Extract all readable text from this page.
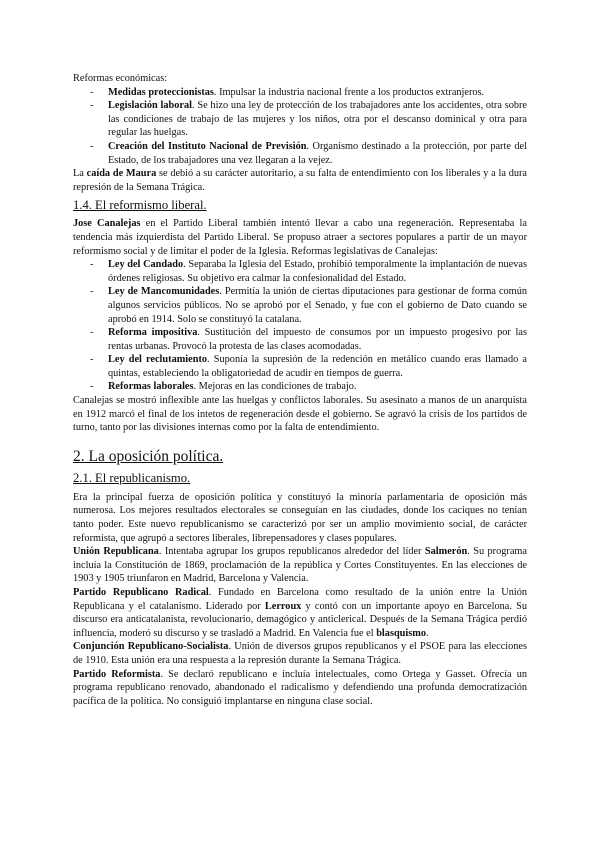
Reformas económicas:

- Medidas proteccionistas. Impulsar la industria nacional frente a los productos extranjeros.
- Legislación laboral. Se hizo una ley de protección de los trabajadores ante los accidentes, otra sobre las condiciones de trabajo de las mujeres y los niños, otra por el descanso dominical y otra para regular las huelgas.
- Creación del Instituto Nacional de Previsión. Organismo destinado a la protección, por parte del Estado, de los trabajadores una vez llegaran a la vejez.

La caída de Maura se debió a su carácter autoritario, a su falta de entendimiento con los liberales y a la dura represión de la Semana Trágica.

1.4. El reformismo liberal.

Jose Canalejas en el Partido Liberal también intentó llevar a cabo una regeneración. Representaba la tendencia más izquierdista del Partido Liberal. Se propuso atraer a sectores populares a partir de un mayor reformismo social y de limitar el poder de la Iglesia. Reformas legislativas de Canalejas:

- Ley del Candado. Separaba la Iglesia del Estado, prohibió temporalmente la implantación de nuevas órdenes religiosas. Su objetivo era calmar la confesionalidad del Estado.
- Ley de Mancomunidades. Permitía la unión de ciertas diputaciones para gestionar de forma común algunos servicios públicos. No se aprobó por el Senado, y fue con el gobierno de Dato cuando se aprobó en 1914. Solo se constituyó la catalana.
- Reforma impositiva. Sustitución del impuesto de consumos por un impuesto progesivo por las rentas urbanas. Provocó la protesta de las clases acomodadas.
- Ley del reclutamiento. Suponía la supresión de la redención en metálico cuando eras llamado a quintas, estableciendo la obligatoriedad de acudir en tiempos de guerra.
- Reformas laborales. Mejoras en las condiciones de trabajo.

Canalejas se mostró inflexible ante las huelgas y conflictos laborales. Su asesinato a manos de un anarquista en 1912 marcó el final de los intetos de regeneración desde el gobierno. Se agravó la crisis de los partidos de turno, tanto por las divisiones internas como por la falta de entendimiento.

2. La oposición política.
2.1. El republicanismo.

Era la principal fuerza de oposición política y constituyó la minoría parlamentaria de oposición más numerosa. Los mejores resultados electorales se conseguían en las ciudades, donde los caciques no tenían tanto poder. Este nuevo republicanismo se caracterizó por ser un amplio movimiento social, de carácter reformista, que agrupó a sectores liberales, librepensadores y clases populares.

Unión Republicana. Intentaba agrupar los grupos republicanos alrededor del líder Salmerón. Su programa incluía la Constitución de 1869, proclamación de la república y Cortes Constituyentes. En las elecciones de 1903 y 1905 triunfaron en Madrid, Barcelona y Valencia.

Partido Republicano Radical. Fundado en Barcelona como resultado de la unión entre la Unión Republicana y el catalanismo. Liderado por Lerroux y contó con un importante apoyo en Barcelona. Su discurso era anticatalanista, revolucionario, demagógico y anticlerical. Después de la Semana Trágica perdió influencia, moderó su discurso y se trasladó a Madrid. En Valencia fue el blasquismo.

Conjunción Republicano-Socialista. Unión de diversos grupos republicanos y el PSOE para las elecciones de 1910. Esta unión era una respuesta a la represión durante la Semana Trágica.

Partido Reformista. Se declaró republicano e incluía intelectuales, como Ortega y Gasset. Ofrecía un programa republicano renovado, abandonado el radicalismo y defendiendo una profunda democratización pacífica de la política. No consiguió implantarse en ninguna clase social.
